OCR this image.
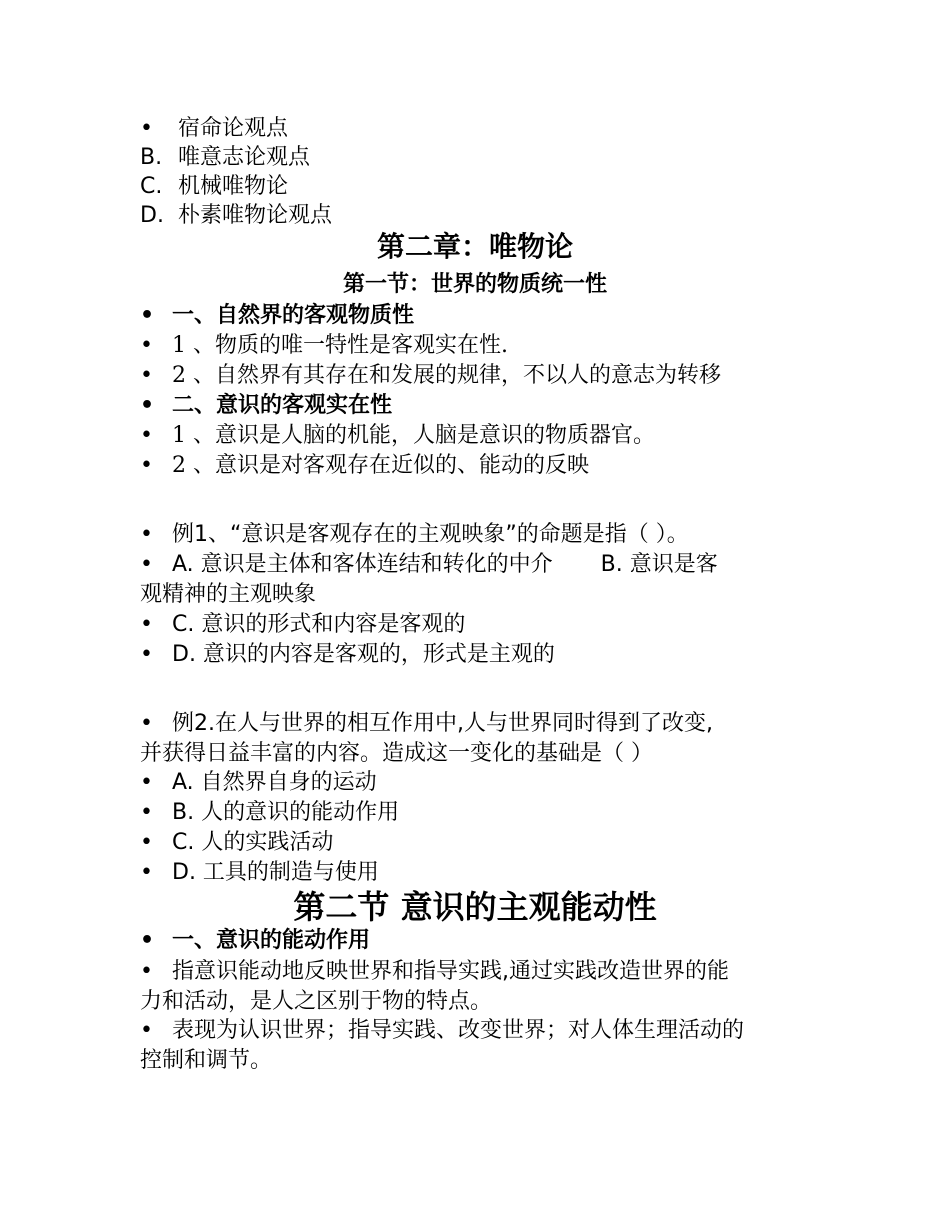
• 宿命论观点
B. 唯意志论观点
C. 机械唯物论
D. 朴素唯物论观点
第二章：唯物论
第一节：世界的物质统一性
• 一、自然界的客观物质性
• 1 、物质的唯一特性是客观实在性.
• 2 、自然界有其存在和发展的规律，不以人的意志为转移
• 二、意识的客观实在性
• 1 、意识是人脑的机能，人脑是意识的物质器官。
• 2 、意识是对客观存在近似的、能动的反映
• 例1、“意识是客观存在的主观映象”的命题是指（ ）。
• A. 意识是主体和客体连结和转化的中介 B. 意识是客
观精神的主观映象
• C. 意识的形式和内容是客观的
• D. 意识的内容是客观的，形式是主观的
• 例2.在人与世界的相互作用中,人与世界同时得到了改变,
并获得日益丰富的内容。造成这一变化的基础是（ ）
• A. 自然界自身的运动
• B. 人的意识的能动作用
• C. 人的实践活动
• D. 工具的制造与使用
第二节 意识的主观能动性
• 一、意识的能动作用
• 指意识能动地反映世界和指导实践,通过实践改造世界的能
力和活动，是人之区别于物的特点。
• 表现为认识世界；指导实践、改变世界；对人体生理活动的
控制和调节。
